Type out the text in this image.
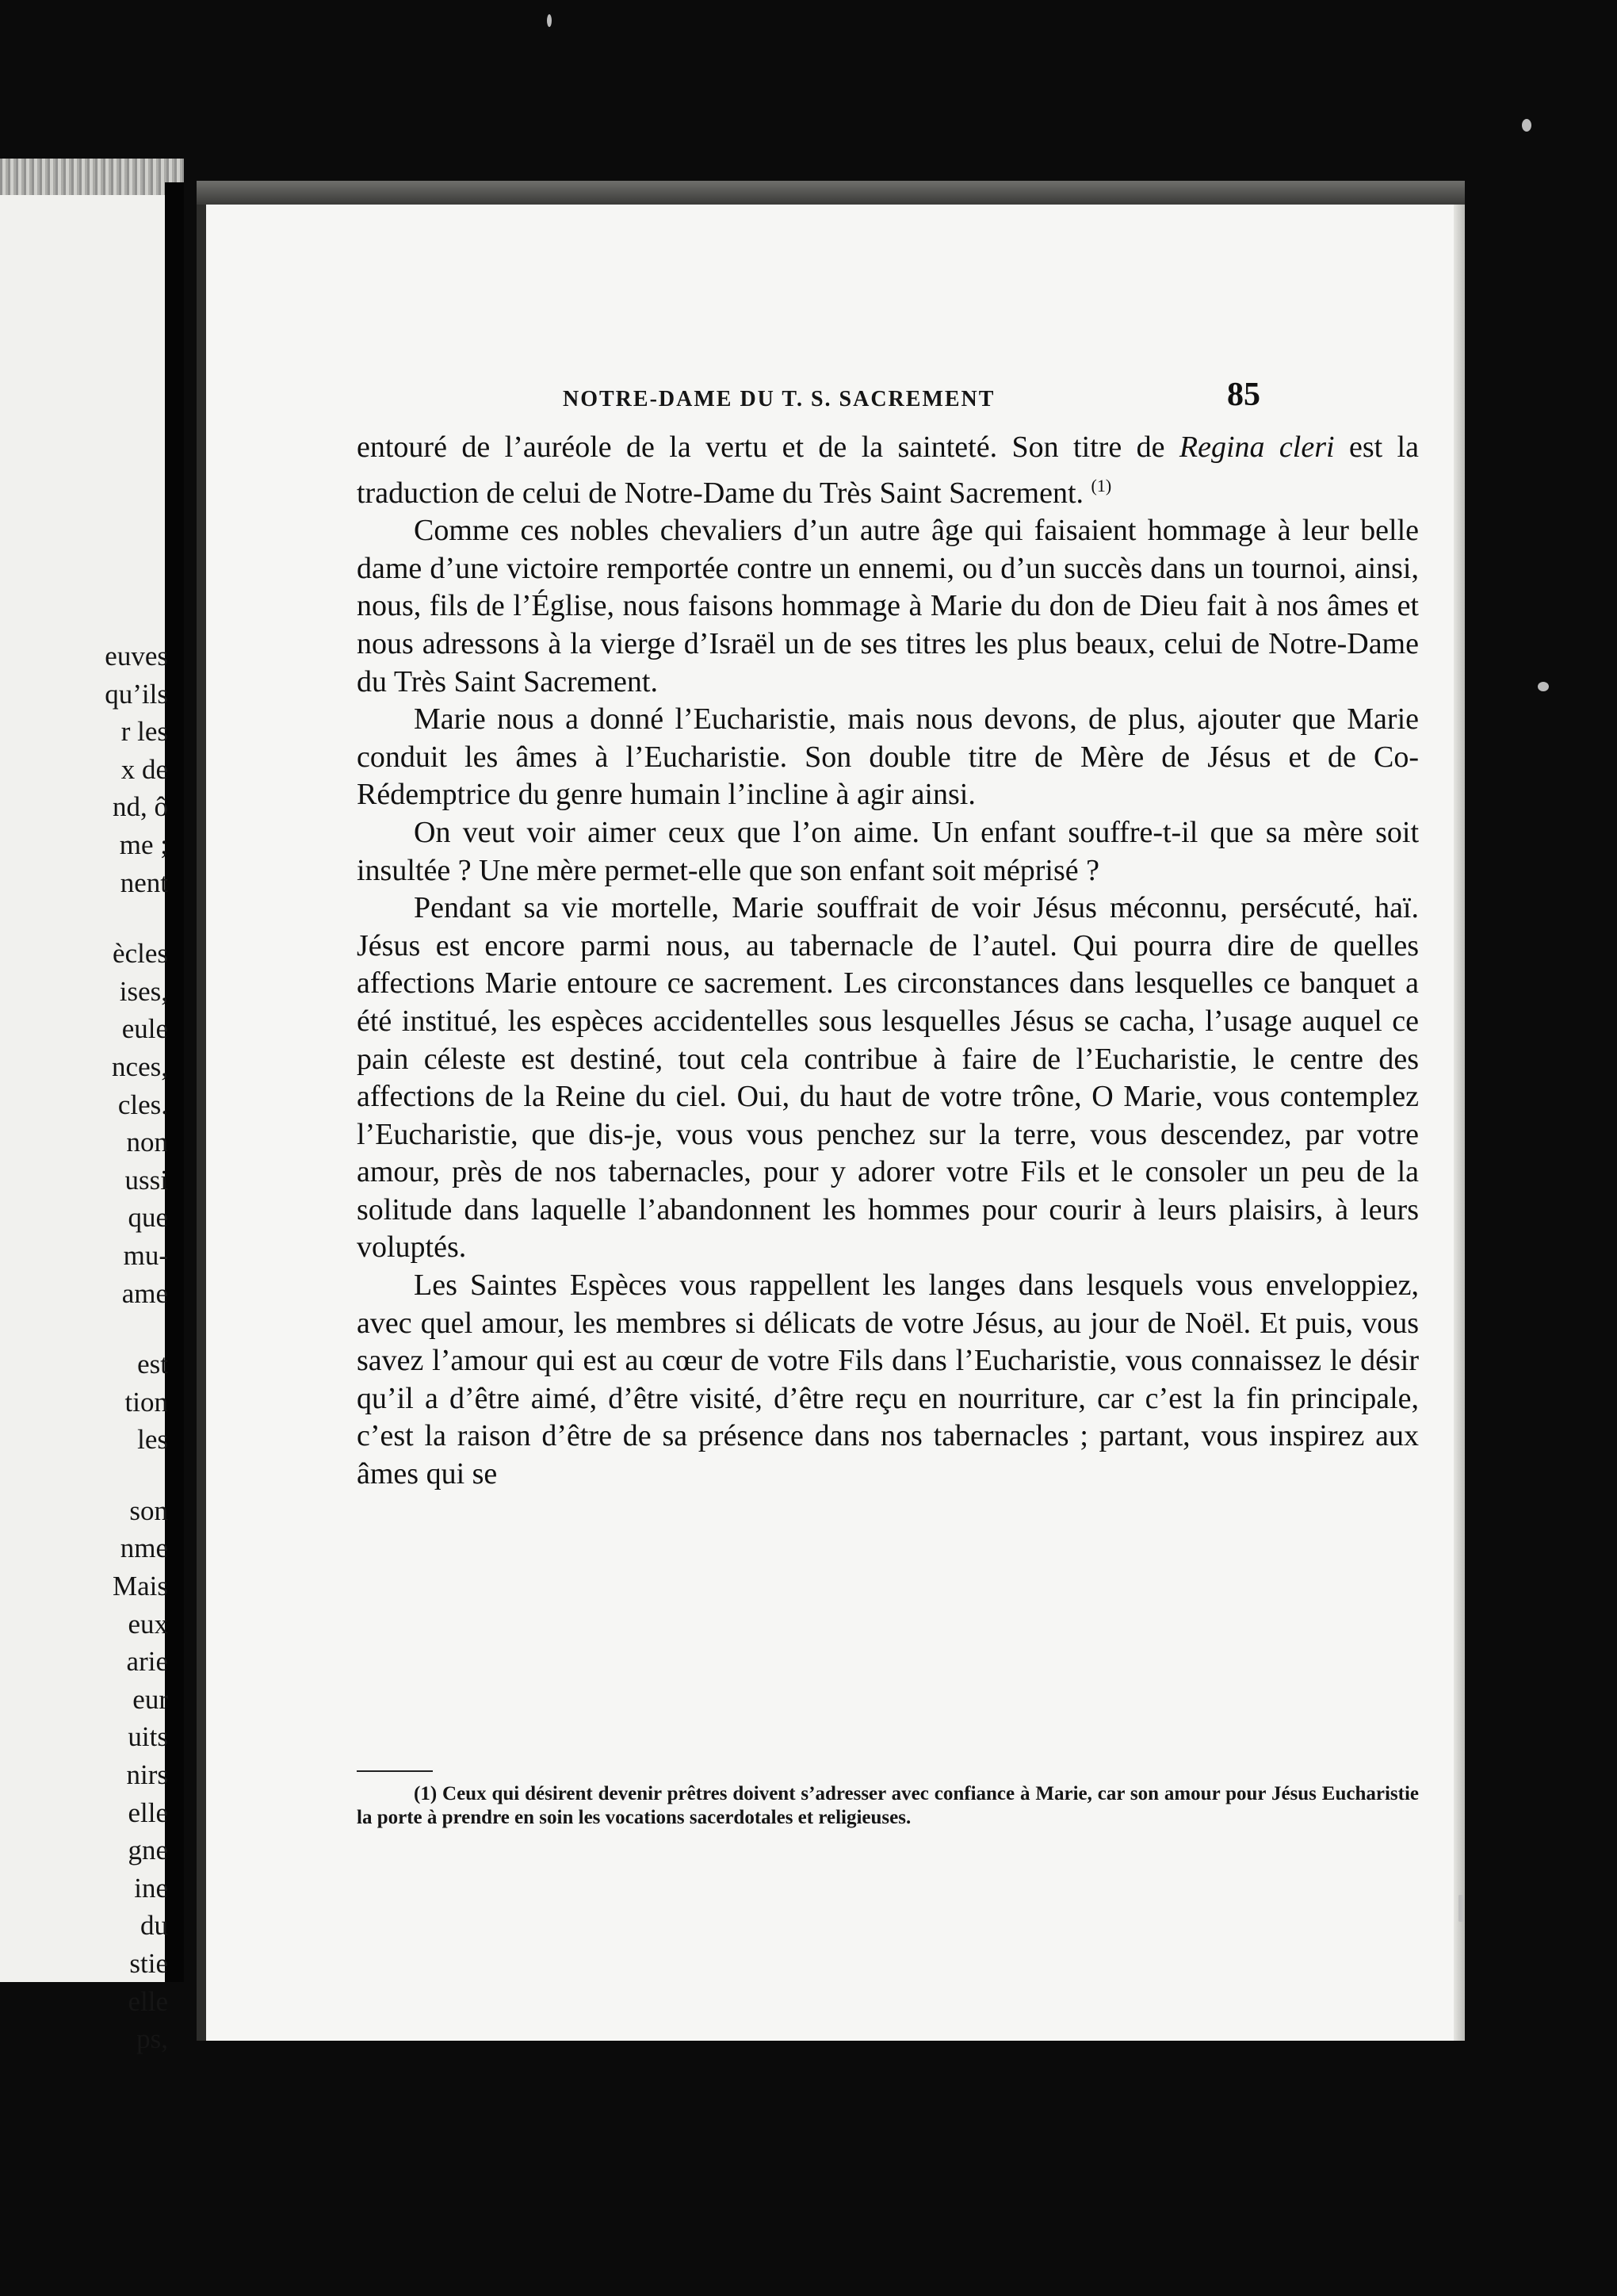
euves
qu’ils
r les
x de
nd, ô
me ;
nent
ècles
ises,
eule
nces,
cles.
non
ussi
que
mu-
ame
est
tion
les
son
nme
Mais
eux
arie
eur
uits
nirs
elle
gne
ine
du
stie
elle
ps,
NOTRE-DAME DU T. S. SACREMENT	85

entouré de l’auréole de la vertu et de la sainteté. Son titre de Regina cleri est la traduction de celui de Notre-Dame du Très Saint Sacrement. $^{(1)}$

Comme ces nobles chevaliers d’un autre âge qui faisaient hommage à leur belle dame d’une victoire remportée contre un ennemi, ou d’un succès dans un tournoi, ainsi, nous, fils de l’Église, nous faisons hommage à Marie du don de Dieu fait à nos âmes et nous adressons à la vierge d’Israël un de ses titres les plus beaux, celui de Notre-Dame du Très Saint Sacrement.

Marie nous a donné l’Eucharistie, mais nous devons, de plus, ajouter que Marie conduit les âmes à l’Eucharistie. Son double titre de Mère de Jésus et de Co-Rédemptrice du genre humain l’incline à agir ainsi.

On veut voir aimer ceux que l’on aime. Un enfant souffre-t-il que sa mère soit insultée ? Une mère permet-elle que son enfant soit méprisé ?

Pendant sa vie mortelle, Marie souffrait de voir Jésus méconnu, persécuté, haï. Jésus est encore parmi nous, au tabernacle de l’autel. Qui pourra dire de quelles affections Marie entoure ce sacrement. Les circonstances dans lesquelles ce banquet a été institué, les espèces accidentelles sous lesquelles Jésus se cacha, l’usage auquel ce pain céleste est destiné, tout cela contribue à faire de l’Eucharistie, le centre des affections de la Reine du ciel. Oui, du haut de votre trône, O Marie, vous contemplez l’Eucharistie, que dis-je, vous vous penchez sur la terre, vous descendez, par votre amour, près de nos tabernacles, pour y adorer votre Fils et le consoler un peu de la solitude dans laquelle l’abandonnent les hommes pour courir à leurs plaisirs, à leurs voluptés.

Les Saintes Espèces vous rappellent les langes dans lesquels vous enveloppiez, avec quel amour, les membres si délicats de votre Jésus, au jour de Noël. Et puis, vous savez l’amour qui est au cœur de votre Fils dans l’Eucharistie, vous connaissez le désir qu’il a d’être aimé, d’être visité, d’être reçu en nourriture, car c’est la fin principale, c’est la raison d’être de sa présence dans nos tabernacles ; partant, vous inspirez aux âmes qui se

(1) Ceux qui désirent devenir prêtres doivent s’adresser avec confiance à Marie, car son amour pour Jésus Eucharistie la porte à prendre en soin les vocations sacerdotales et religieuses.
